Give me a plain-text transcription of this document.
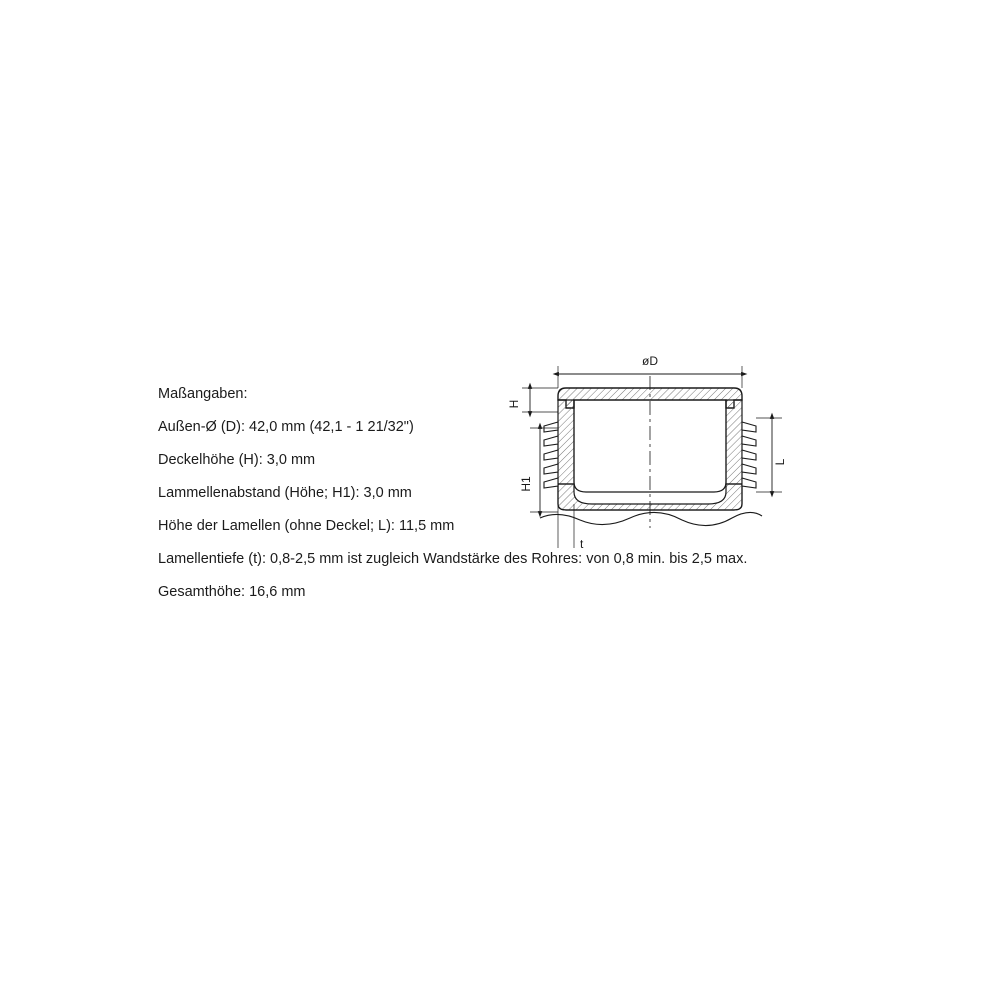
Maßangaben:
Außen-Ø (D): 42,0 mm (42,1 - 1 21/32")
Deckelhöhe (H): 3,0 mm
Lammellenabstand (Höhe; H1): 3,0 mm
Höhe der Lamellen (ohne Deckel; L): 11,5 mm
Lamellentiefe (t): 0,8-2,5 mm ist zugleich Wandstärke des Rohres: von 0,8 min. bis 2,5 max.
Gesamthöhe: 16,6 mm
øD
H
H1
L
t
